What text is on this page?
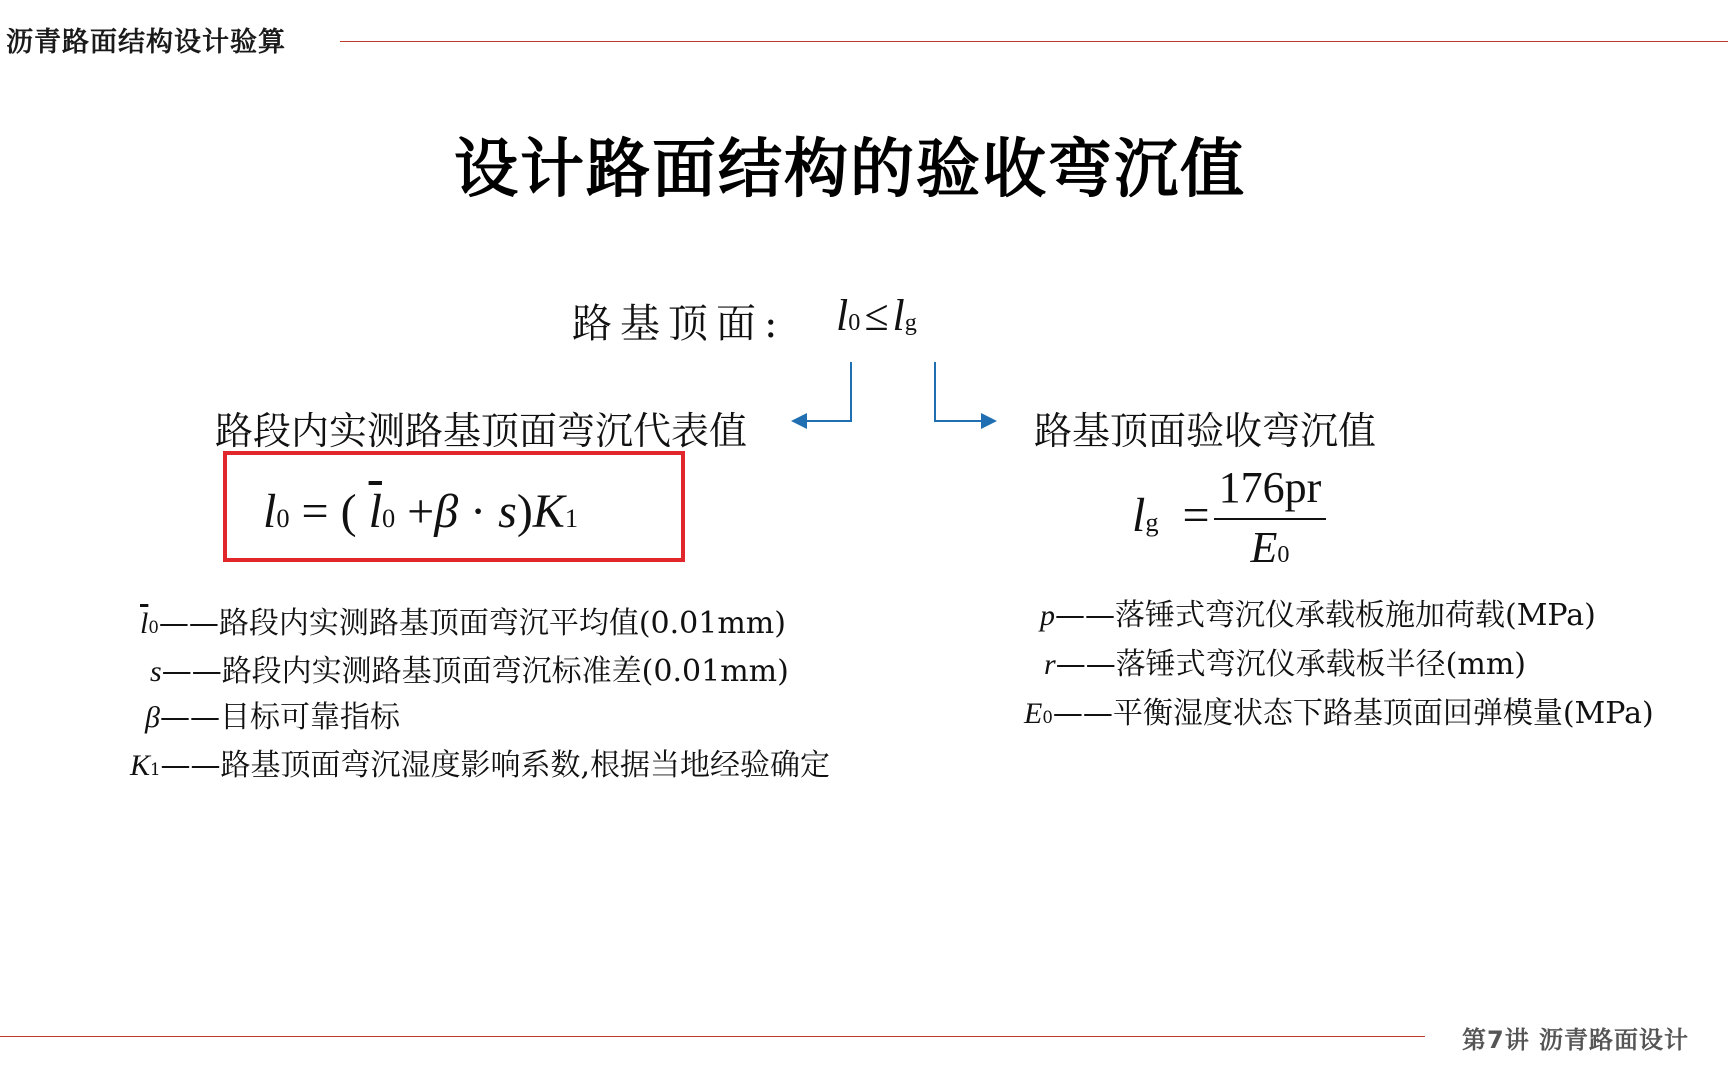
沥青路面结构设计验算
设计路面结构的验收弯沉值
路基顶面: l0≤lg
路段内实测路基顶面弯沉代表值	路基顶面验收弯沉值
l0 = ( $\overline{l}0 +\beta \cdot s)K1$	lg =
176pr
E0
$\overline{l}0——$路段内实测路基顶面弯沉平均值(0.01mm)
s——路段内实测路基顶面弯沉标准差(0.01mm)
β——目标可靠指标
K1——路基顶面弯沉湿度影响系数,根据当地经验确定
p——落锤式弯沉仪承载板施加荷载(MPa)
r——落锤式弯沉仪承载板半径(mm)
E0——平衡湿度状态下路基顶面回弹模量(MPa)
第7讲 沥青路面设计
